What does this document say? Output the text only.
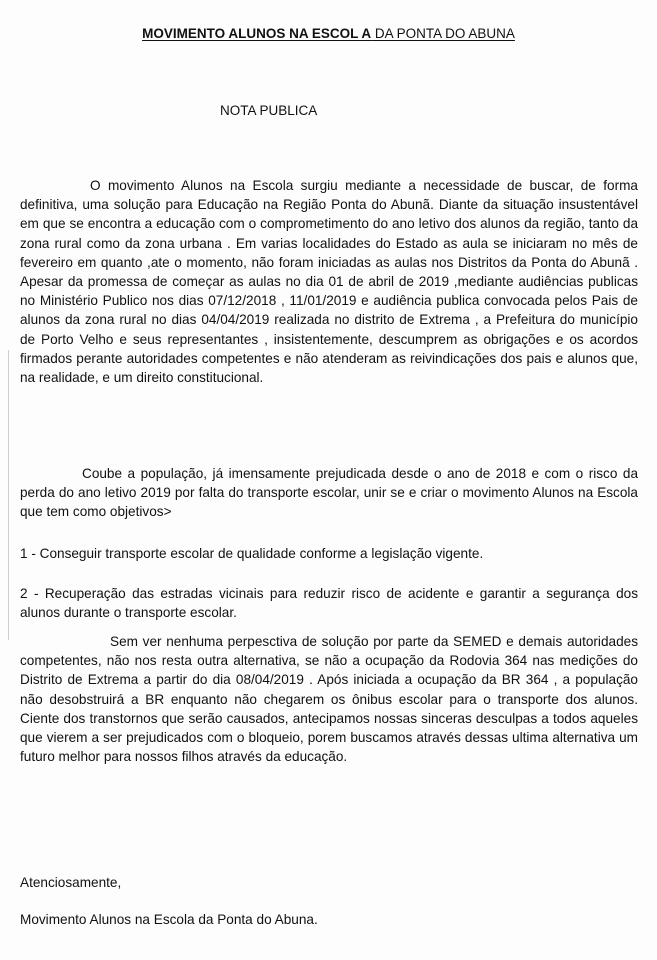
MOVIMENTO ALUNOS NA ESCOL A DA PONTA DO ABUNA
NOTA PUBLICA

O movimento Alunos na Escola surgiu mediante a necessidade de buscar, de forma definitiva, uma solução para Educação na Região Ponta do Abunã. Diante da situação insustentável em que se encontra a educação com o comprometimento do ano letivo dos alunos da região, tanto da zona rural como da zona urbana . Em varias localidades do Estado as aula se iniciaram no mês de fevereiro em quanto ,ate o momento, não foram iniciadas as aulas nos Distritos da Ponta do Abunã . Apesar da promessa de começar as aulas no dia 01 de abril de 2019 ,mediante audiências publicas no Ministério Publico nos dias 07/12/2018 , 11/01/2019 e audiência publica convocada pelos Pais de alunos da zona rural no dias 04/04/2019 realizada no distrito de Extrema , a Prefeitura do município de Porto Velho e seus representantes , insistentemente, descumprem as obrigações e os acordos firmados perante autoridades competentes e não atenderam as reivindicações dos pais e alunos que, na realidade, e um direito constitucional.

Coube a população, já imensamente prejudicada desde o ano de 2018 e com o risco da perda do ano letivo 2019 por falta do transporte escolar, unir se e criar o movimento Alunos na Escola que tem como objetivos>

1 - Conseguir transporte escolar de qualidade conforme a legislação vigente.

2 - Recuperação das estradas vicinais para reduzir risco de acidente e garantir a segurança dos alunos durante o transporte escolar.

Sem ver nenhuma perpesctiva de solução por parte da SEMED e demais autoridades competentes, não nos resta outra alternativa, se não a ocupação da Rodovia 364 nas medições do Distrito de Extrema a partir do dia 08/04/2019 . Após iniciada a ocupação da BR 364 , a população não desobstruirá a BR enquanto não chegarem os ônibus escolar para o transporte dos alunos. Ciente dos transtornos que serão causados, antecipamos nossas sinceras desculpas a todos aqueles que vierem a ser prejudicados com o bloqueio, porem buscamos através dessas ultima alternativa um futuro melhor para nossos filhos através da educação.

Atenciosamente,
Movimento Alunos na Escola da Ponta do Abuna.
